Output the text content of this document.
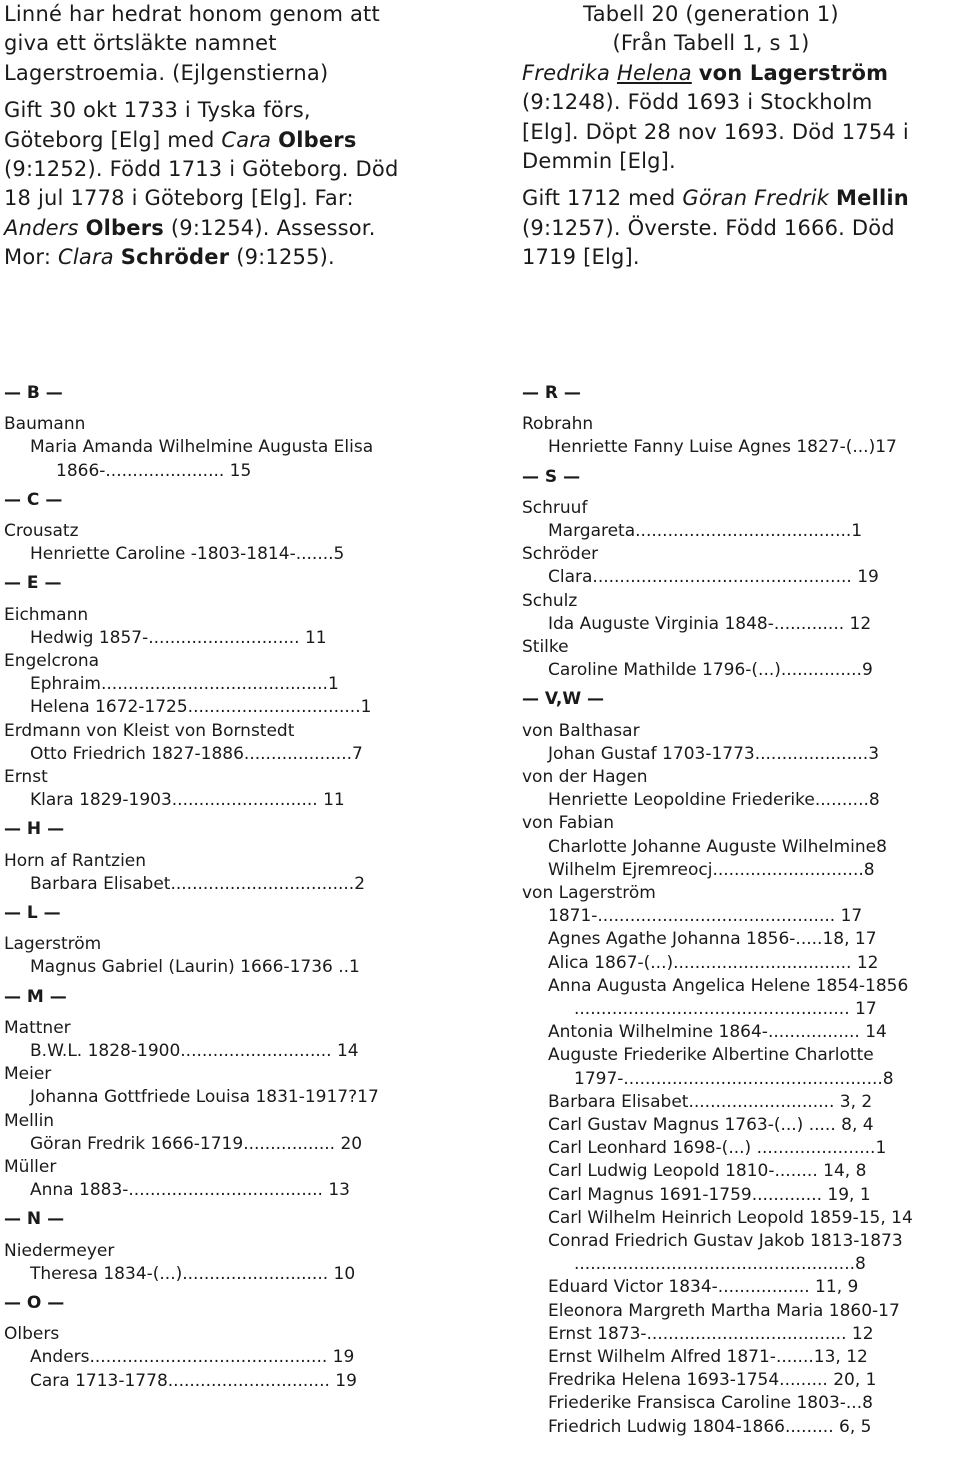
Linné har hedrat honom genom att

giva ett örtsläkte namnet

Lagerstroemia. (Ejlgenstierna)

Gift 30 okt 1733 i Tyska förs,

Göteborg [Elg] med Cara Olbers

(9:1252). Född 1713 i Göteborg. Död

18 jul 1778 i Göteborg [Elg]. Far:

Anders Olbers (9:1254). Assessor.

Mor: Clara Schröder (9:1255).

Tabell 20 (generation 1)

(Från Tabell 1, s 1)

Fredrika Helena von Lagerström

(9:1248). Född 1693 i Stockholm

[Elg]. Döpt 28 nov 1693. Död 1754 i

Demmin [Elg].

Gift 1712 med Göran Fredrik Mellin

(9:1257). Överste. Född 1666. Död

1719 [Elg].

— B —

Baumann

Maria Amanda Wilhelmine Augusta Elisa
1866-...................... 15

— C —

Crousatz

Henriette Caroline -1803-1814-.......5

— E —

Eichmann

Hedwig 1857-............................ 11

Engelcrona

Ephraim..........................................1

Helena 1672-1725................................1

Erdmann von Kleist von Bornstedt

Otto Friedrich 1827-1886....................7

Ernst

Klara 1829-1903........................... 11

— H —

Horn af Rantzien

Barbara Elisabet..................................2

— L —

Lagerström

Magnus Gabriel (Laurin) 1666-1736 ..1

— M —

Mattner

B.W.L. 1828-1900............................ 14

Meier

Johanna Gottfriede Louisa 1831-1917?17

Mellin

Göran Fredrik 1666-1719................. 20

Müller

Anna 1883-.................................... 13

— N —

Niedermeyer

Theresa 1834-(...)........................... 10

— O —

Olbers

Anders............................................ 19

Cara 1713-1778.............................. 19

— R —

Robrahn

Henriette Fanny Luise Agnes 1827-(...)17

— S —

Schruuf

Margareta........................................1

Schröder

Clara................................................ 19

Schulz

Ida Auguste Virginia 1848-............. 12

Stilke

Caroline Mathilde 1796-(...)...............9

— V,W —

von Balthasar

Johan Gustaf 1703-1773.....................3

von der Hagen

Henriette Leopoldine Friederike..........8

von Fabian

Charlotte Johanne Auguste Wilhelmine8

Wilhelm Ejremreocj............................8

von Lagerström

1871-............................................ 17

Agnes Agathe Johanna 1856-.....18, 17

Alica 1867-(...)................................. 12

Anna Augusta Angelica Helene 1854-1856
................................................... 17

Antonia Wilhelmine 1864-................. 14

Auguste Friederike Albertine Charlotte
1797-................................................8

Barbara Elisabet........................... 3, 2

Carl Gustav Magnus 1763-(...) ..... 8, 4

Carl Leonhard 1698-(...) ......................1

Carl Ludwig Leopold 1810-........ 14, 8

Carl Magnus 1691-1759............. 19, 1

Carl Wilhelm Heinrich Leopold 1859-15, 14

Conrad Friedrich Gustav Jakob 1813-1873
....................................................8

Eduard Victor 1834-................. 11, 9

Eleonora Margreth Martha Maria 1860-17

Ernst 1873-..................................... 12

Ernst Wilhelm Alfred 1871-.......13, 12

Fredrika Helena 1693-1754......... 20, 1

Friederike Fransisca Caroline 1803-...8

Friedrich Ludwig 1804-1866......... 6, 5
